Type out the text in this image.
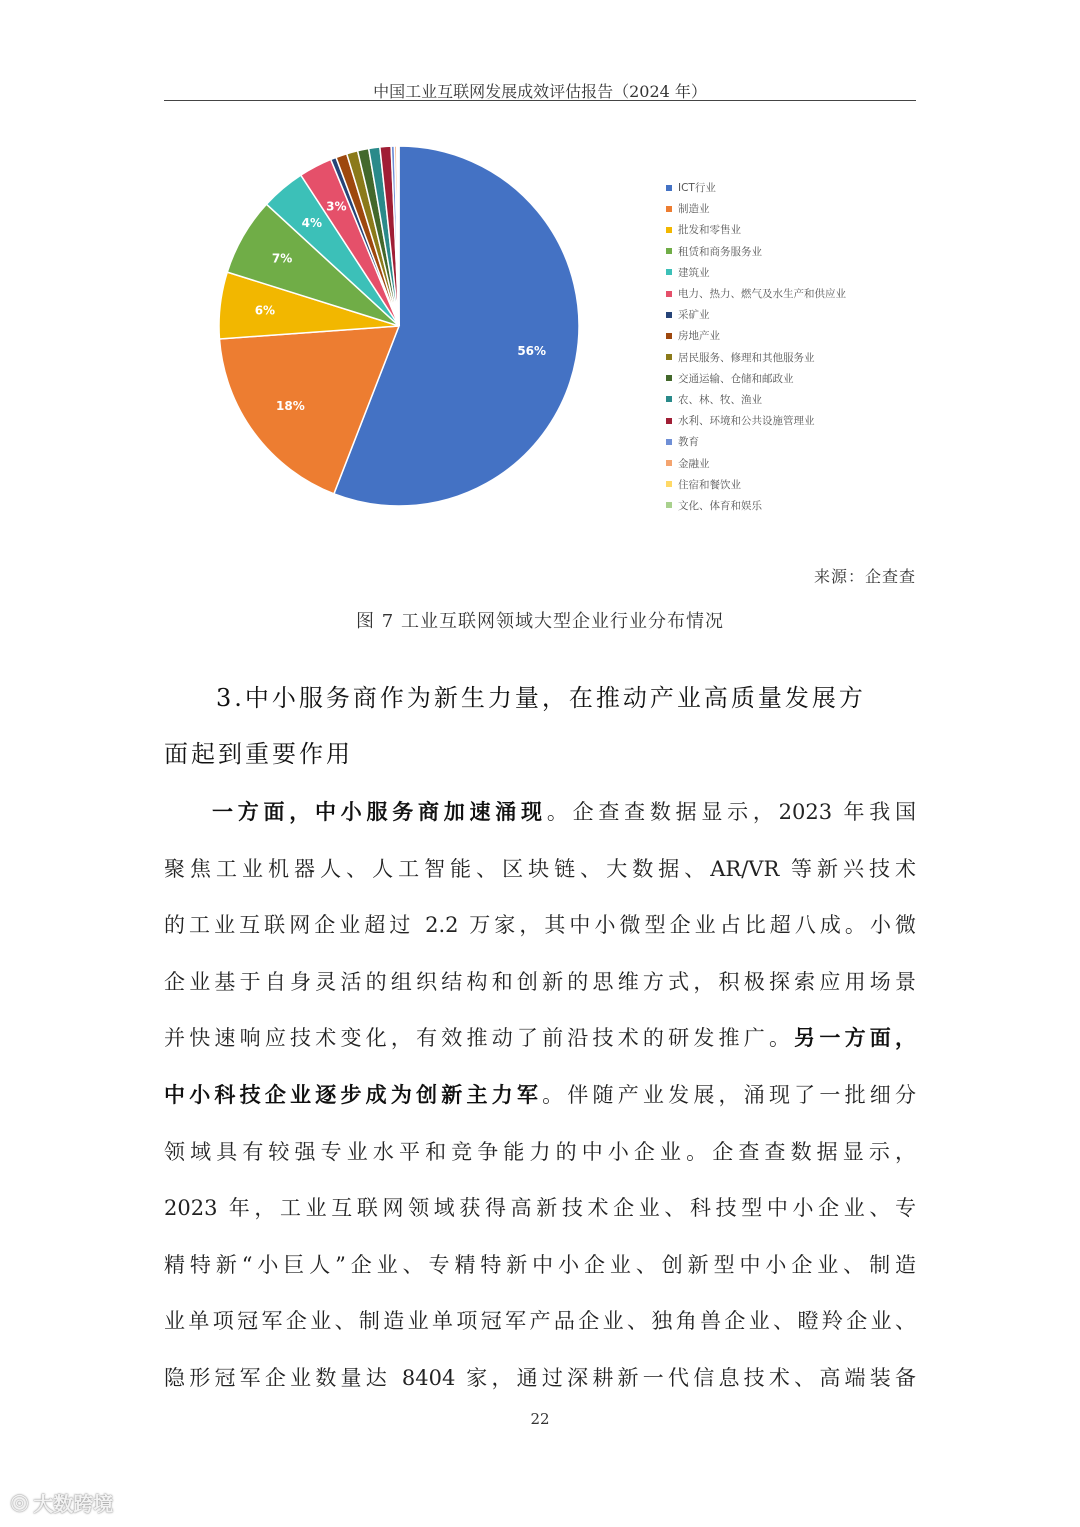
中国工业互联网发展成效评估报告（2024 年）
56%
18%
6%
7%
4%
3%
ICT行业
制造业
批发和零售业
租赁和商务服务业
建筑业
电力、热力、燃气及水生产和供应业
采矿业
房地产业
居民服务、修理和其他服务业
交通运输、仓储和邮政业
农、林、牧、渔业
水利、环境和公共设施管理业
教育
金融业
住宿和餐饮业
文化、体育和娱乐
来源：企查查
图 7 工业互联网领域大型企业行业分布情况
3.中小服务商作为新生力量，在推动产业高质量发展方
面起到重要作用
一方面，中小服务商加速涌现。企查查数据显示，2023 年我国
聚焦工业机器人、人工智能、区块链、大数据、AR/VR 等新兴技术
的工业互联网企业超过 2.2 万家，其中小微型企业占比超八成。小微
企业基于自身灵活的组织结构和创新的思维方式，积极探索应用场景
并快速响应技术变化，有效推动了前沿技术的研发推广。另一方面，
中小科技企业逐步成为创新主力军。伴随产业发展，涌现了一批细分
领域具有较强专业水平和竞争能力的中小企业。企查查数据显示，
2023 年，工业互联网领域获得高新技术企业、科技型中小企业、专
精特新“小巨人”企业、专精特新中小企业、创新型中小企业、制造
业单项冠军企业、制造业单项冠军产品企业、独角兽企业、瞪羚企业、
隐形冠军企业数量达 8404 家，通过深耕新一代信息技术、高端装备
22
◎ 大数跨境
